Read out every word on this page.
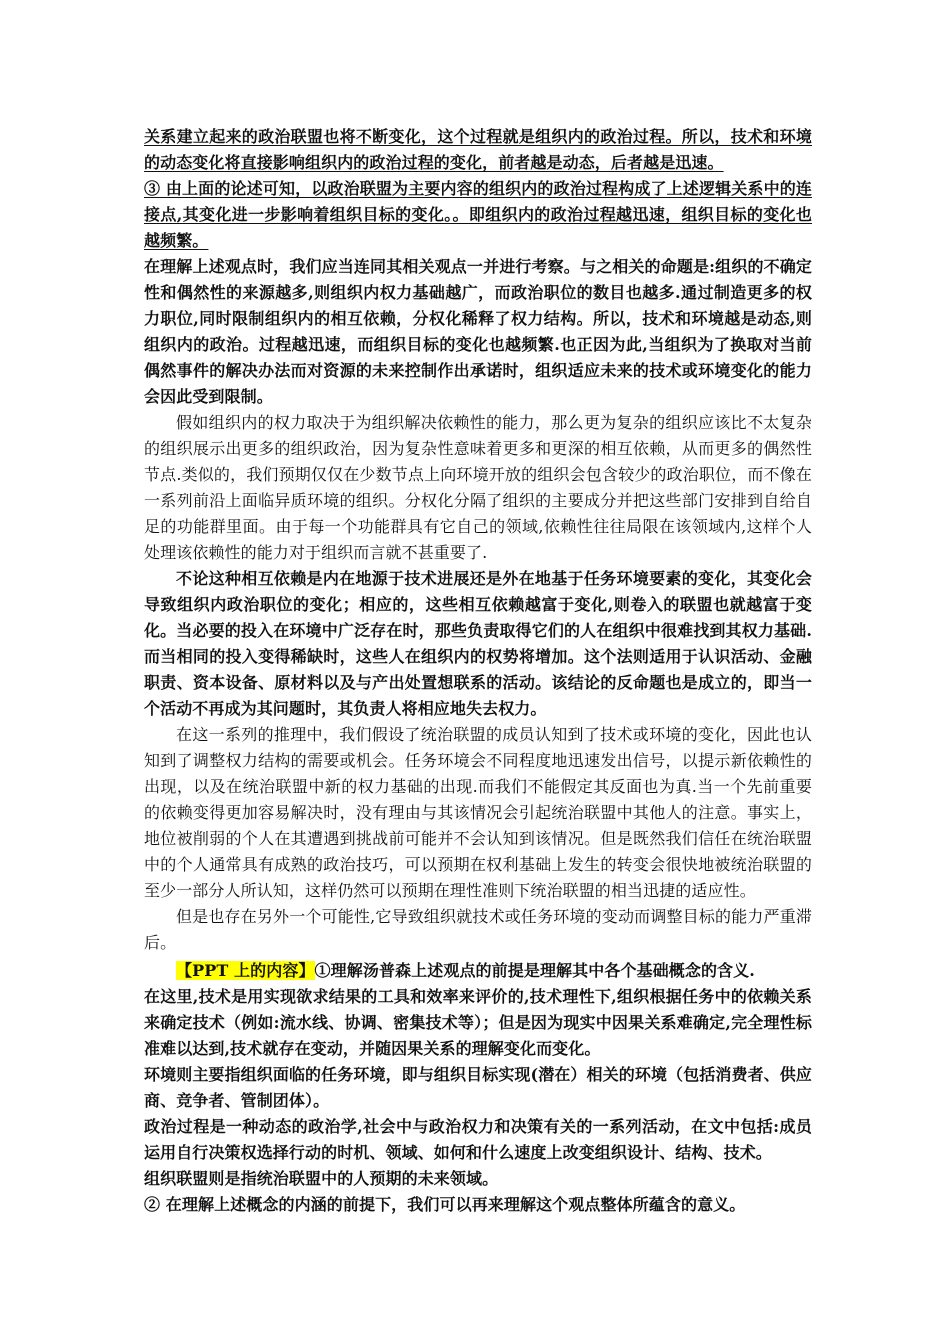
关系建立起来的政治联盟也将不断变化，这个过程就是组织内的政治过程。所以，技术和环境的动态变化将直接影响组织内的政治过程的变化，前者越是动态，后者越是迅速。

③ 由上面的论述可知，以政治联盟为主要内容的组织内的政治过程构成了上述逻辑关系中的连接点,其变化进一步影响着组织目标的变化。。即组织内的政治过程越迅速，组织目标的变化也越频繁。

在理解上述观点时，我们应当连同其相关观点一并进行考察。与之相关的命题是:组织的不确定性和偶然性的来源越多,则组织内权力基础越广，而政治职位的数目也越多.通过制造更多的权力职位,同时限制组织内的相互依赖，分权化稀释了权力结构。所以，技术和环境越是动态,则组织内的政治。过程越迅速，而组织目标的变化也越频繁.也正因为此,当组织为了换取对当前偶然事件的解决办法而对资源的未来控制作出承诺时，组织适应未来的技术或环境变化的能力会因此受到限制。

假如组织内的权力取决于为组织解决依赖性的能力，那么更为复杂的组织应该比不太复杂的组织展示出更多的组织政治，因为复杂性意味着更多和更深的相互依赖，从而更多的偶然性节点.类似的，我们预期仅仅在少数节点上向环境开放的组织会包含较少的政治职位，而不像在一系列前沿上面临异质环境的组织。分权化分隔了组织的主要成分并把这些部门安排到自给自足的功能群里面。由于每一个功能群具有它自己的领域,依赖性往往局限在该领域内,这样个人处理该依赖性的能力对于组织而言就不甚重要了.

不论这种相互依赖是内在地源于技术进展还是外在地基于任务环境要素的变化，其变化会导致组织内政治职位的变化；相应的，这些相互依赖越富于变化,则卷入的联盟也就越富于变化。当必要的投入在环境中广泛存在时，那些负责取得它们的人在组织中很难找到其权力基础.而当相同的投入变得稀缺时，这些人在组织内的权势将增加。这个法则适用于认识活动、金融职责、资本设备、原材料以及与产出处置想联系的活动。该结论的反命题也是成立的，即当一个活动不再成为其问题时，其负责人将相应地失去权力。

在这一系列的推理中，我们假设了统治联盟的成员认知到了技术或环境的变化，因此也认知到了调整权力结构的需要或机会。任务环境会不同程度地迅速发出信号，以提示新依赖性的出现，以及在统治联盟中新的权力基础的出现.而我们不能假定其反面也为真.当一个先前重要的依赖变得更加容易解决时，没有理由与其该情况会引起统治联盟中其他人的注意。事实上，地位被削弱的个人在其遭遇到挑战前可能并不会认知到该情况。但是既然我们信任在统治联盟中的个人通常具有成熟的政治技巧，可以预期在权利基础上发生的转变会很快地被统治联盟的至少一部分人所认知，这样仍然可以预期在理性准则下统治联盟的相当迅捷的适应性。

但是也存在另外一个可能性,它导致组织就技术或任务环境的变动而调整目标的能力严重滞后。

【PPT 上的内容】①理解汤普森上述观点的前提是理解其中各个基础概念的含义.

在这里,技术是用实现欲求结果的工具和效率来评价的,技术理性下,组织根据任务中的依赖关系来确定技术（例如:流水线、协调、密集技术等）；但是因为现实中因果关系难确定,完全理性标准难以达到,技术就存在变动，并随因果关系的理解变化而变化。

环境则主要指组织面临的任务环境，即与组织目标实现(潜在）相关的环境（包括消费者、供应商、竞争者、管制团体）。

政治过程是一种动态的政治学,社会中与政治权力和决策有关的一系列活动，在文中包括:成员运用自行决策权选择行动的时机、领域、如何和什么速度上改变组织设计、结构、技术。

组织联盟则是指统治联盟中的人预期的未来领域。

② 在理解上述概念的内涵的前提下，我们可以再来理解这个观点整体所蕴含的意义。
